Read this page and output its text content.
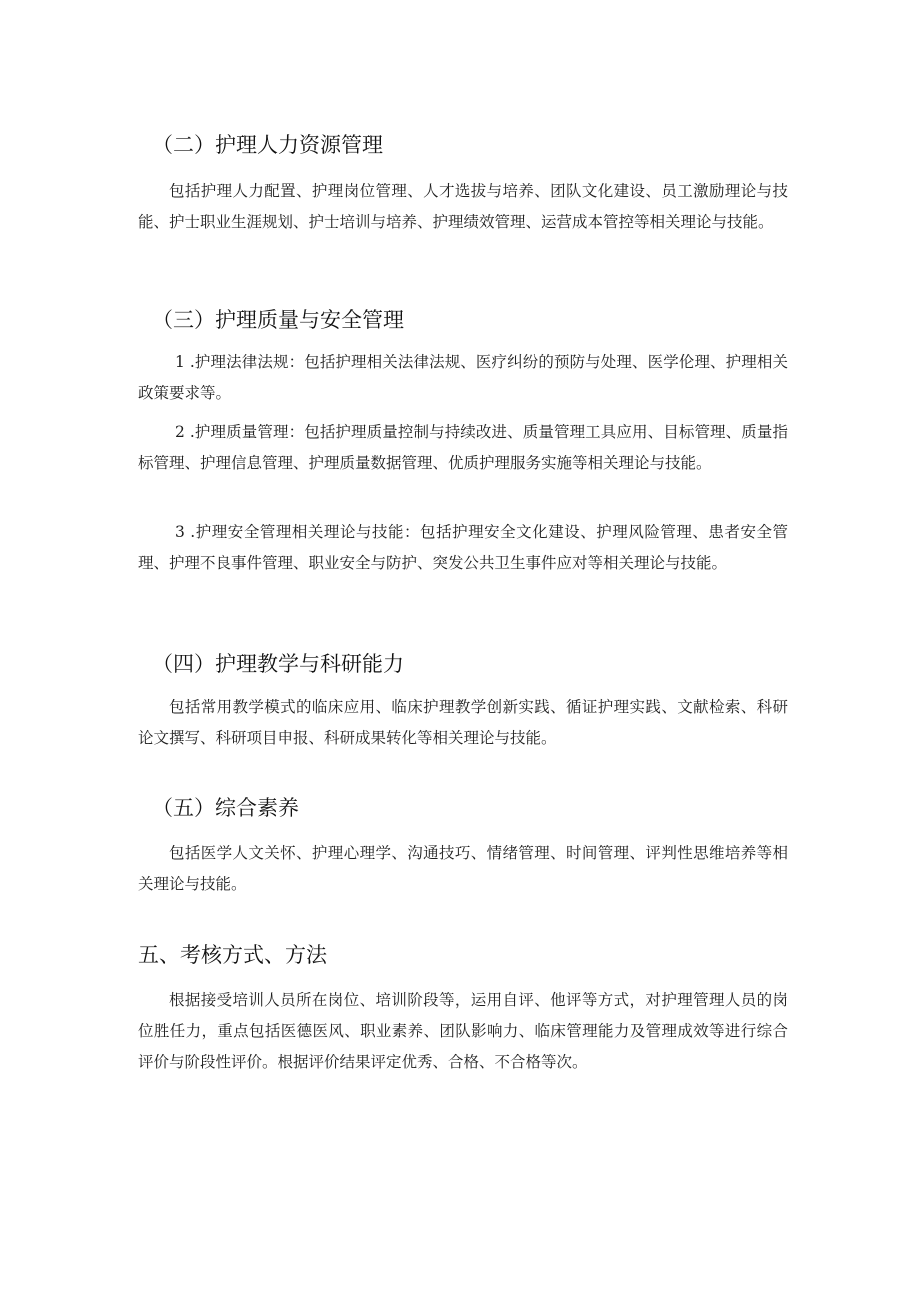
（二）护理人力资源管理

包括护理人力配置、护理岗位管理、人才选拔与培养、团队文化建设、员工激励理论与技能、护士职业生涯规划、护士培训与培养、护理绩效管理、运营成本管控等相关理论与技能。

（三）护理质量与安全管理

1 .护理法律法规：包括护理相关法律法规、医疗纠纷的预防与处理、医学伦理、护理相关政策要求等。

2 .护理质量管理：包括护理质量控制与持续改进、质量管理工具应用、目标管理、质量指标管理、护理信息管理、护理质量数据管理、优质护理服务实施等相关理论与技能。

3 .护理安全管理相关理论与技能：包括护理安全文化建设、护理风险管理、患者安全管理、护理不良事件管理、职业安全与防护、突发公共卫生事件应对等相关理论与技能。

（四）护理教学与科研能力

包括常用教学模式的临床应用、临床护理教学创新实践、循证护理实践、文献检索、科研论文撰写、科研项目申报、科研成果转化等相关理论与技能。

（五）综合素养

包括医学人文关怀、护理心理学、沟通技巧、情绪管理、时间管理、评判性思维培养等相关理论与技能。

五、考核方式、方法

根据接受培训人员所在岗位、培训阶段等，运用自评、他评等方式，对护理管理人员的岗位胜任力，重点包括医德医风、职业素养、团队影响力、临床管理能力及管理成效等进行综合评价与阶段性评价。根据评价结果评定优秀、合格、不合格等次。
